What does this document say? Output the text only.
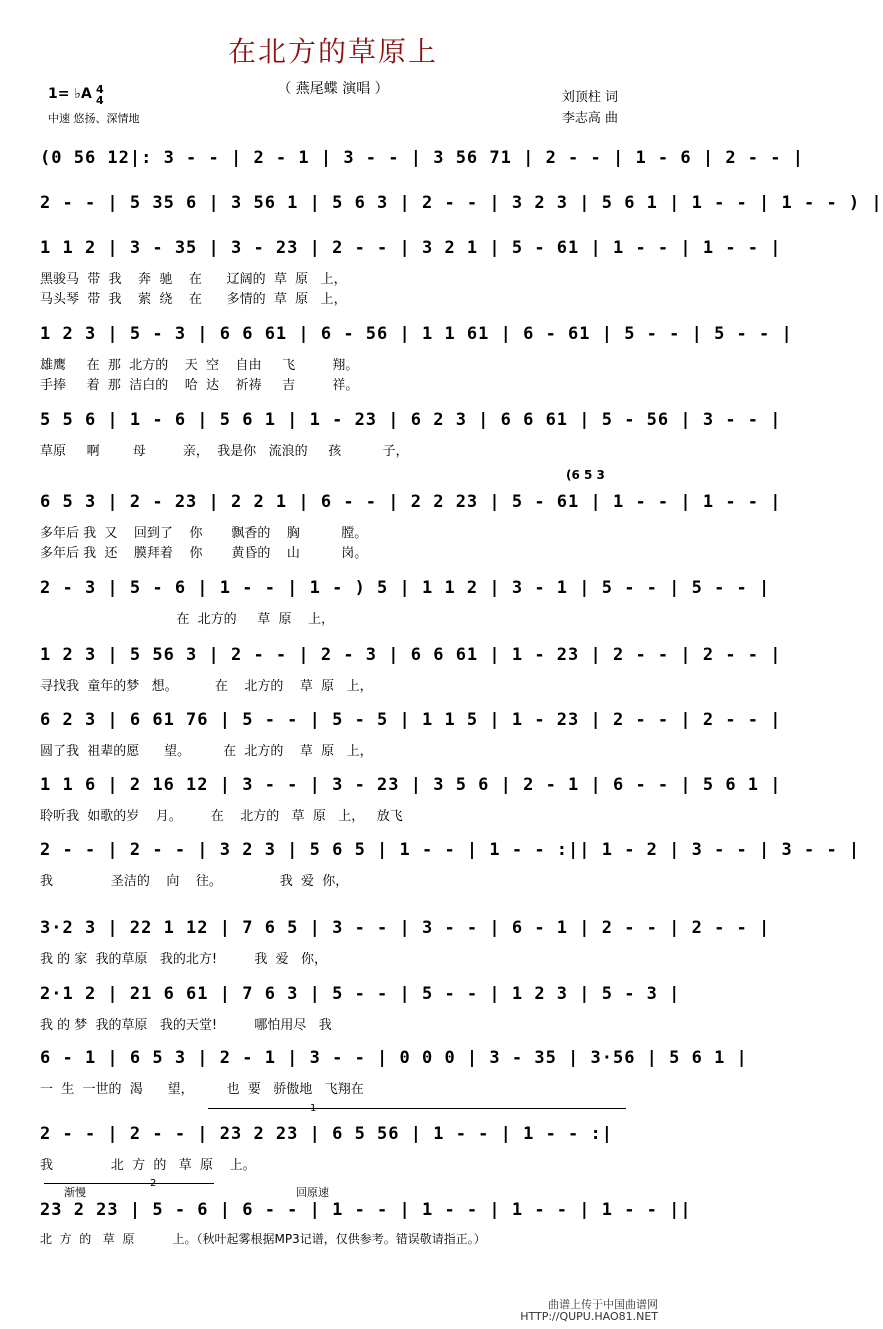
在北方的草原上
（ 燕尾蝶 演唱 ）
1= ♭A 4
4
中速 悠扬、深情地
刘顶柱 词
李志高 曲
(0 56 12|: 3 - - | 2 - 1 | 3 - - | 3 56 71 | 2 - - | 1 - 6 | 2 - - |
2 - - | 5 35 6 | 3 56 1 | 5 6 3 | 2 - - | 3 2 3 | 5 6 1 | 1 - - | 1 - - ) |
1 1 2 | 3 - 35 | 3 - 23 | 2 - - | 3 2 1 | 5 - 61 | 1 - - | 1 - - |
黑骏马  带  我    奔  驰    在      辽阔的  草  原   上，
马头琴  带  我    萦  绕    在      多情的  草  原   上，
1 2 3 | 5 - 3 | 6 6 61 | 6 - 56 | 1 1 61 | 6 - 61 | 5 - - | 5 - - |
雄鹰     在  那  北方的    天  空    自由     飞         翔。
手捧     着  那  洁白的    哈  达    祈祷     吉         祥。
5 5 6 | 1 - 6 | 5 6 1 | 1 - 23 | 6 2 3 | 6 6 61 | 5 - 56 | 3 - - |
草原     啊        母         亲，  我是你   流浪的     孩          子，
(6 5 3
6 5 3 | 2 - 23 | 2 2 1 | 6 - - | 2 2 23 | 5 - 61 | 1 - - | 1 - - |
多年后 我  又    回到了    你       飘香的    胸          膛。
多年后 我  还    膜拜着    你       黄昏的    山          岗。
2 - 3 | 5 - 6 | 1 - - | 1 - ) 5 | 1 1 2 | 3 - 1 | 5 - - | 5 - - |
在  北方的     草  原    上，
1 2 3 | 5 56 3 | 2 - - | 2 - 3 | 6 6 61 | 1 - 23 | 2 - - | 2 - - |
寻找我  童年的梦   想。         在    北方的    草  原   上，
6 2 3 | 6 61 76 | 5 - - | 5 - 5 | 1 1 5 | 1 - 23 | 2 - - | 2 - - |
圆了我  祖辈的愿      望。        在  北方的    草  原   上，
1 1 6 | 2 16 12 | 3 - - | 3 - 23 | 3 5 6 | 2 - 1 | 6 - - | 5 6 1 |
聆听我  如歌的岁    月。       在    北方的   草  原   上，   放飞
2 - - | 2 - - | 3 2 3 | 5 6 5 | 1 - - | 1 - - :|| 1 - 2 | 3 - - | 3 - - |
我              圣洁的    向    往。              我  爱  你，
3·2 3 | 22 1 12 | 7 6 5 | 3 - - | 3 - - | 6 - 1 | 2 - - | 2 - - |
我 的 家  我的草原   我的北方!         我  爱   你，
2·1 2 | 21 6 61 | 7 6 3 | 5 - - | 5 - - | 1 2 3 | 5 - 3 |
我 的 梦  我的草原   我的天堂!         哪怕用尽   我
6 - 1 | 6 5 3 | 2 - 1 | 3 - - | 0 0 0 | 3 - 35 | 3·56 | 5 6 1 |
一  生  一世的  渴      望，        也  要   骄傲地   飞翔在
1
2 - - | 2 - - | 23 2 23 | 6 5 56 | 1 - - | 1 - - :|
我              北  方  的   草  原    上。
渐慢
2
回原速
23 2 23 | 5 - 6 | 6 - - | 1 - - | 1 - - | 1 - - | 1 - - ||
北  方  的   草  原          上。（秋叶起雾根据MP3记谱，仅供参考。错误敬请指正。）
曲谱上传于中国曲谱网
HTTP://QUPU.HAO81.NET
